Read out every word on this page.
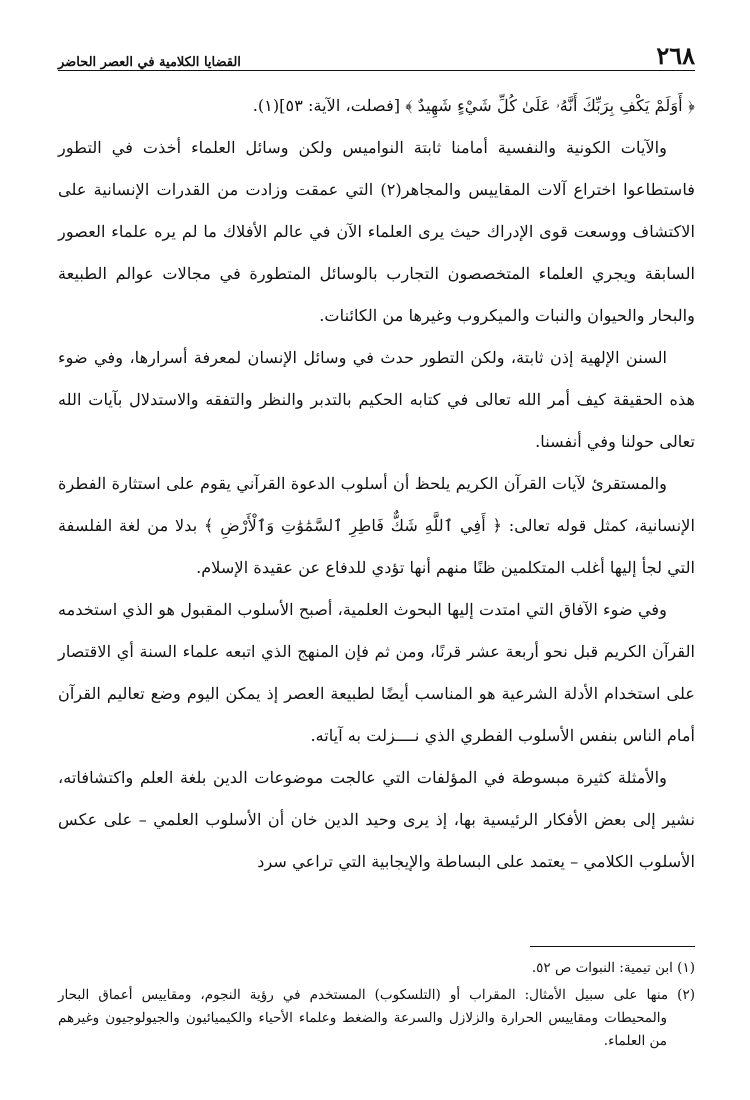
٢٦٨
القضايا الكلامية في العصر الحاضر

﴿ أَوَلَمْ يَكْفِ بِرَبِّكَ أَنَّهُۥ عَلَىٰ كُلِّ شَيْءٍ شَهِيدٌ ﴾ [فصلت، الآية: ٥٣](١).

والآيات الكونية والنفسية أمامنا ثابتة النواميس ولكن وسائل العلماء أخذت في التطور فاستطاعوا اختراع آلات المقاييس والمجاهر(٢) التي عمقت وزادت من القدرات الإنسانية على الاكتشاف ووسعت قوى الإدراك حيث يرى العلماء الآن في عالم الأفلاك ما لم يره علماء العصور السابقة ويجري العلماء المتخصصون التجارب بالوسائل المتطورة في مجالات عوالم الطبيعة والبحار والحيوان والنبات والميكروب وغيرها من الكائنات.

السنن الإلهية إذن ثابتة، ولكن التطور حدث في وسائل الإنسان لمعرفة أسرارها، وفي ضوء هذه الحقيقة كيف أمر الله تعالى في كتابه الحكيم بالتدبر والنظر والتفقه والاستدلال بآيات الله تعالى حولنا وفي أنفسنا.

والمستقرئ لآيات القرآن الكريم يلحظ أن أسلوب الدعوة القرآني يقوم على استثارة الفطرة الإنسانية، كمثل قوله تعالى: ﴿ أَفِي ٱللَّهِ شَكٌّ فَاطِرِ ٱلسَّمَٰوَٰتِ وَٱلْأَرْضِ ﴾ بدلا من لغة الفلسفة التي لجأ إليها أغلب المتكلمين ظنًا منهم أنها تؤدي للدفاع عن عقيدة الإسلام.

وفي ضوء الآفاق التي امتدت إليها البحوث العلمية، أصبح الأسلوب المقبول هو الذي استخدمه القرآن الكريم قبل نحو أربعة عشر قرنًا، ومن ثم فإن المنهج الذي اتبعه علماء السنة أي الاقتصار على استخدام الأدلة الشرعية هو المناسب أيضًا لطبيعة العصر إذ يمكن اليوم وضع تعاليم القرآن أمام الناس بنفس الأسلوب الفطري الذي نــــزلت به آياته.

والأمثلة كثيرة مبسوطة في المؤلفات التي عالجت موضوعات الدين بلغة العلم واكتشافاته، نشير إلى بعض الأفكار الرئيسية بها، إذ يرى وحيد الدين خان أن الأسلوب العلمي – على عكس الأسلوب الكلامي – يعتمد على البساطة والإيجابية التي تراعي سرد

(١) ابن تيمية: النبوات ص ٥٢.

(٢) منها على سبيل الأمثال: المقراب أو (التلسكوب) المستخدم في رؤية النجوم، ومقاييس أعماق البحار والمحيطات ومقاييس الحرارة والزلازل والسرعة والضغط وعلماء الأحياء والكيميائيون والجيولوجيون وغيرهم من العلماء.
